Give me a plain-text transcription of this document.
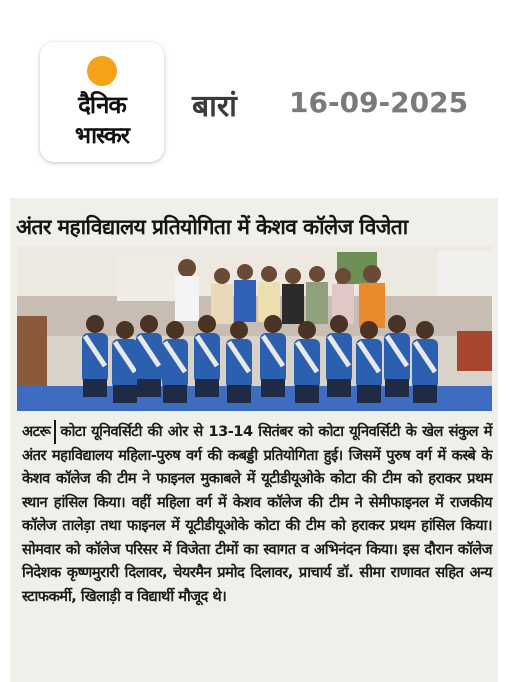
दैनिक
भास्कर
बारां 16-09-2025
अंतर महाविद्यालय प्रतियोगिता में केशव कॉलेज विजेता
अटरू कोटा यूनिवर्सिटी की ओर से 13-14 सितंबर को कोटा यूनिवर्सिटी के खेल संकुल में अंतर महाविद्यालय महिला-पुरुष वर्ग की कबड्डी प्रतियोगिता हुई। जिसमें पुरुष वर्ग में कस्बे के केशव कॉलेज की टीम ने फाइनल मुकाबले में यूटीडीयूओके कोटा की टीम को हराकर प्रथम स्थान हांसिल किया। वहीं महिला वर्ग में केशव कॉलेज की टीम ने सेमीफाइनल में राजकीय कॉलेज तालेड़ा तथा फाइनल में यूटीडीयूओके कोटा की टीम को हराकर प्रथम हांसिल किया। सोमवार को कॉलेज परिसर में विजेता टीमों का स्वागत व अभिनंदन किया। इस दौरान कॉलेज निदेशक कृष्णमुरारी दिलावर, चेयरमैन प्रमोद दिलावर, प्राचार्य डॉ. सीमा राणावत सहित अन्य स्टाफकर्मी, खिलाड़ी व विद्यार्थी मौजूद थे।
